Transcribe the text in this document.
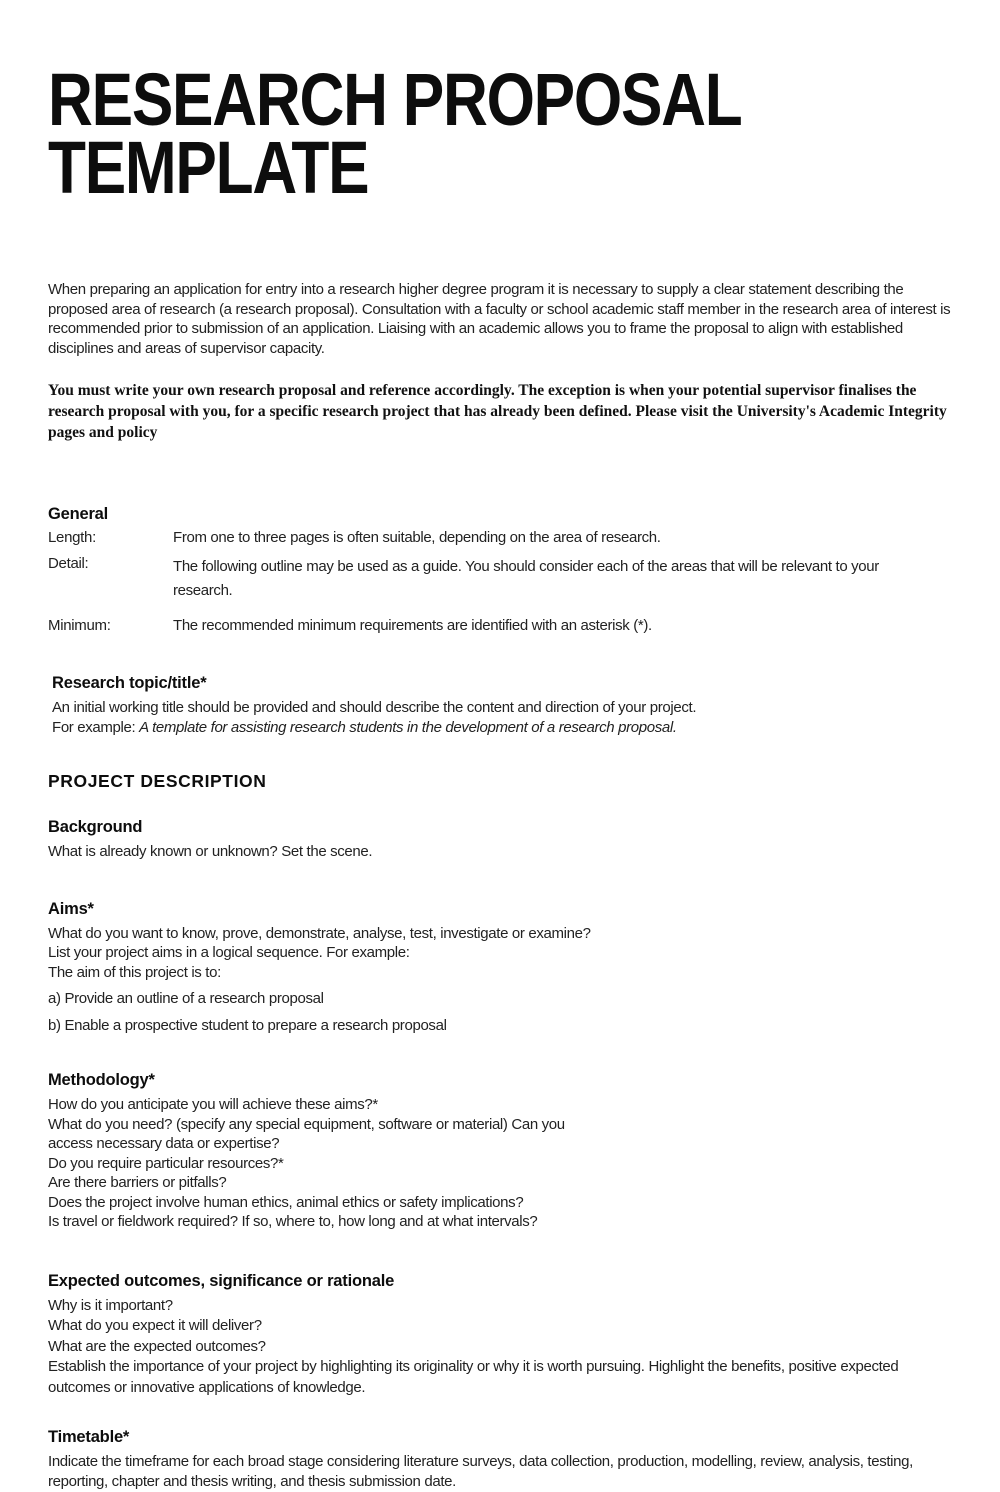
RESEARCH PROPOSAL
TEMPLATE

When preparing an application for entry into a research higher degree program it is necessary to supply a clear statement describing the proposed area of research (a research proposal). Consultation with a faculty or school academic staff member in the research area of interest is recommended prior to submission of an application. Liaising with an academic allows you to frame the proposal to align with established disciplines and areas of supervisor capacity.

You must write your own research proposal and reference accordingly. The exception is when your potential supervisor finalises the research proposal with you, for a specific research project that has already been defined. Please visit the University's Academic Integrity pages and policy

General
Length:	From one to three pages is often suitable, depending on the area of research.
Detail:	The following outline may be used as a guide. You should consider each of the areas that will be relevant to your research.
Minimum:	The recommended minimum requirements are identified with an asterisk (*).
Research topic/title*
An initial working title should be provided and should describe the content and direction of your project.
For example: A template for assisting research students in the development of a research proposal.
PROJECT DESCRIPTION
Background
What is already known or unknown? Set the scene.
Aims*
What do you want to know, prove, demonstrate, analyse, test, investigate or examine? List your project aims in a logical sequence. For example:
The aim of this project is to:
a) Provide an outline of a research proposal
b) Enable a prospective student to prepare a research proposal
Methodology*
How do you anticipate you will achieve these aims?*
What do you need? (specify any special equipment, software or material) Can you access necessary data or expertise?
Do you require particular resources?*
Are there barriers or pitfalls?
Does the project involve human ethics, animal ethics or safety implications?
Is travel or fieldwork required? If so, where to, how long and at what intervals?
Expected outcomes, significance or rationale
Why is it important?
What do you expect it will deliver?
What are the expected outcomes?
Establish the importance of your project by highlighting its originality or why it is worth pursuing. Highlight the benefits, positive expected outcomes or innovative applications of knowledge.
Timetable*
Indicate the timeframe for each broad stage considering literature surveys, data collection, production, modelling, review, analysis, testing, reporting, chapter and thesis writing, and thesis submission date.
